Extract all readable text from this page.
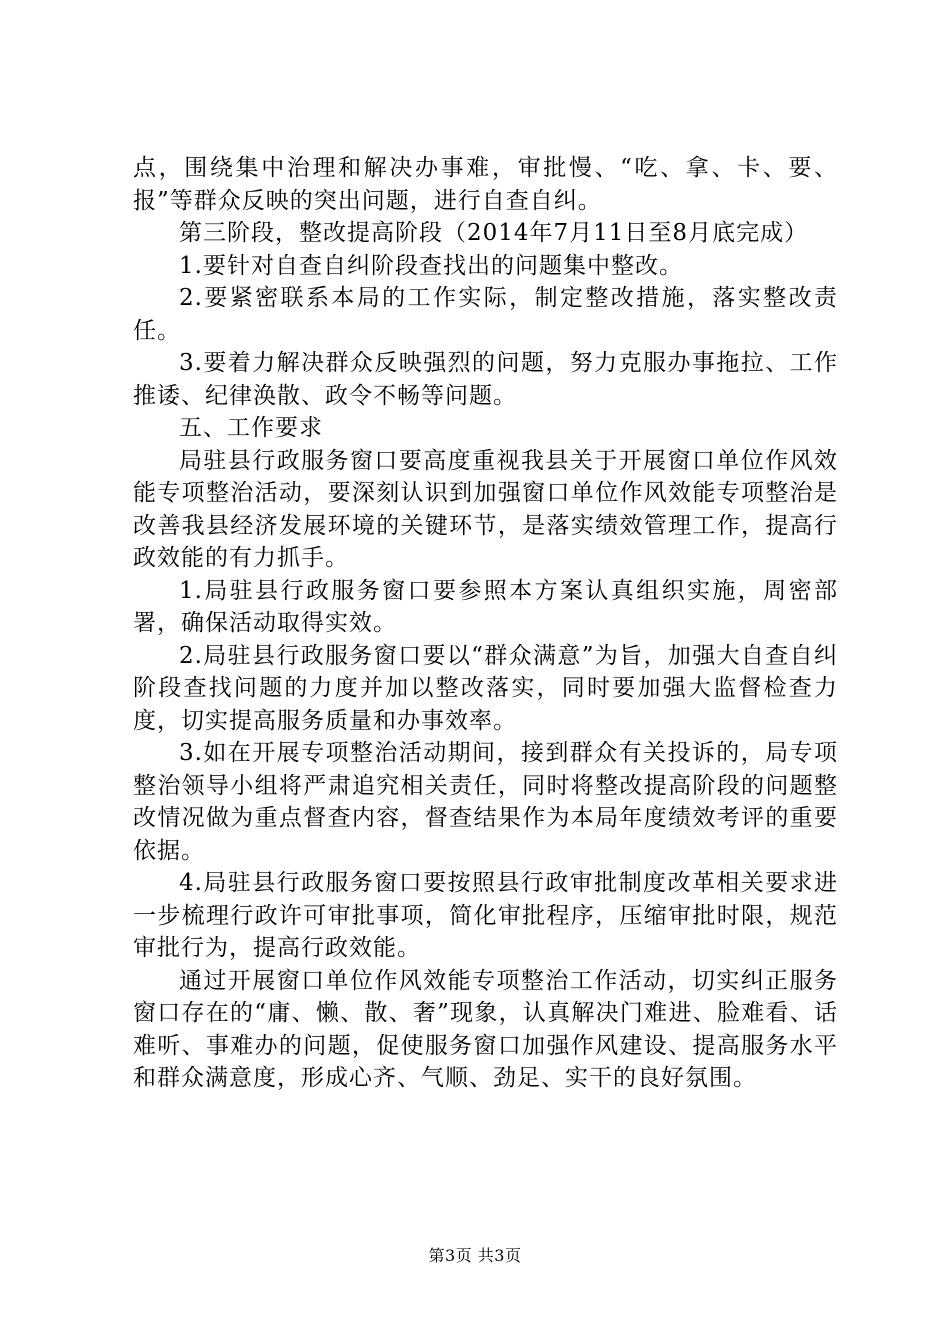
点，围绕集中治理和解决办事难，审批慢、“吃、拿、卡、要、报”等群众反映的突出问题，进行自查自纠。

第三阶段，整改提高阶段（2014年7月11日至8月底完成）

1.要针对自查自纠阶段查找出的问题集中整改。

2.要紧密联系本局的工作实际，制定整改措施，落实整改责任。

3.要着力解决群众反映强烈的问题，努力克服办事拖拉、工作推诿、纪律涣散、政令不畅等问题。

五、工作要求

局驻县行政服务窗口要高度重视我县关于开展窗口单位作风效能专项整治活动，要深刻认识到加强窗口单位作风效能专项整治是改善我县经济发展环境的关键环节，是落实绩效管理工作，提高行政效能的有力抓手。

1.局驻县行政服务窗口要参照本方案认真组织实施，周密部署，确保活动取得实效。

2.局驻县行政服务窗口要以“群众满意”为旨，加强大自查自纠阶段查找问题的力度并加以整改落实，同时要加强大监督检查力度，切实提高服务质量和办事效率。

3.如在开展专项整治活动期间，接到群众有关投诉的，局专项整治领导小组将严肃追究相关责任，同时将整改提高阶段的问题整改情况做为重点督查内容，督查结果作为本局年度绩效考评的重要依据。

4.局驻县行政服务窗口要按照县行政审批制度改革相关要求进一步梳理行政许可审批事项，简化审批程序，压缩审批时限，规范审批行为，提高行政效能。

通过开展窗口单位作风效能专项整治工作活动，切实纠正服务窗口存在的“庸、懒、散、奢”现象，认真解决门难进、脸难看、话难听、事难办的问题，促使服务窗口加强作风建设、提高服务水平和群众满意度，形成心齐、气顺、劲足、实干的良好氛围。

第3页 共3页
